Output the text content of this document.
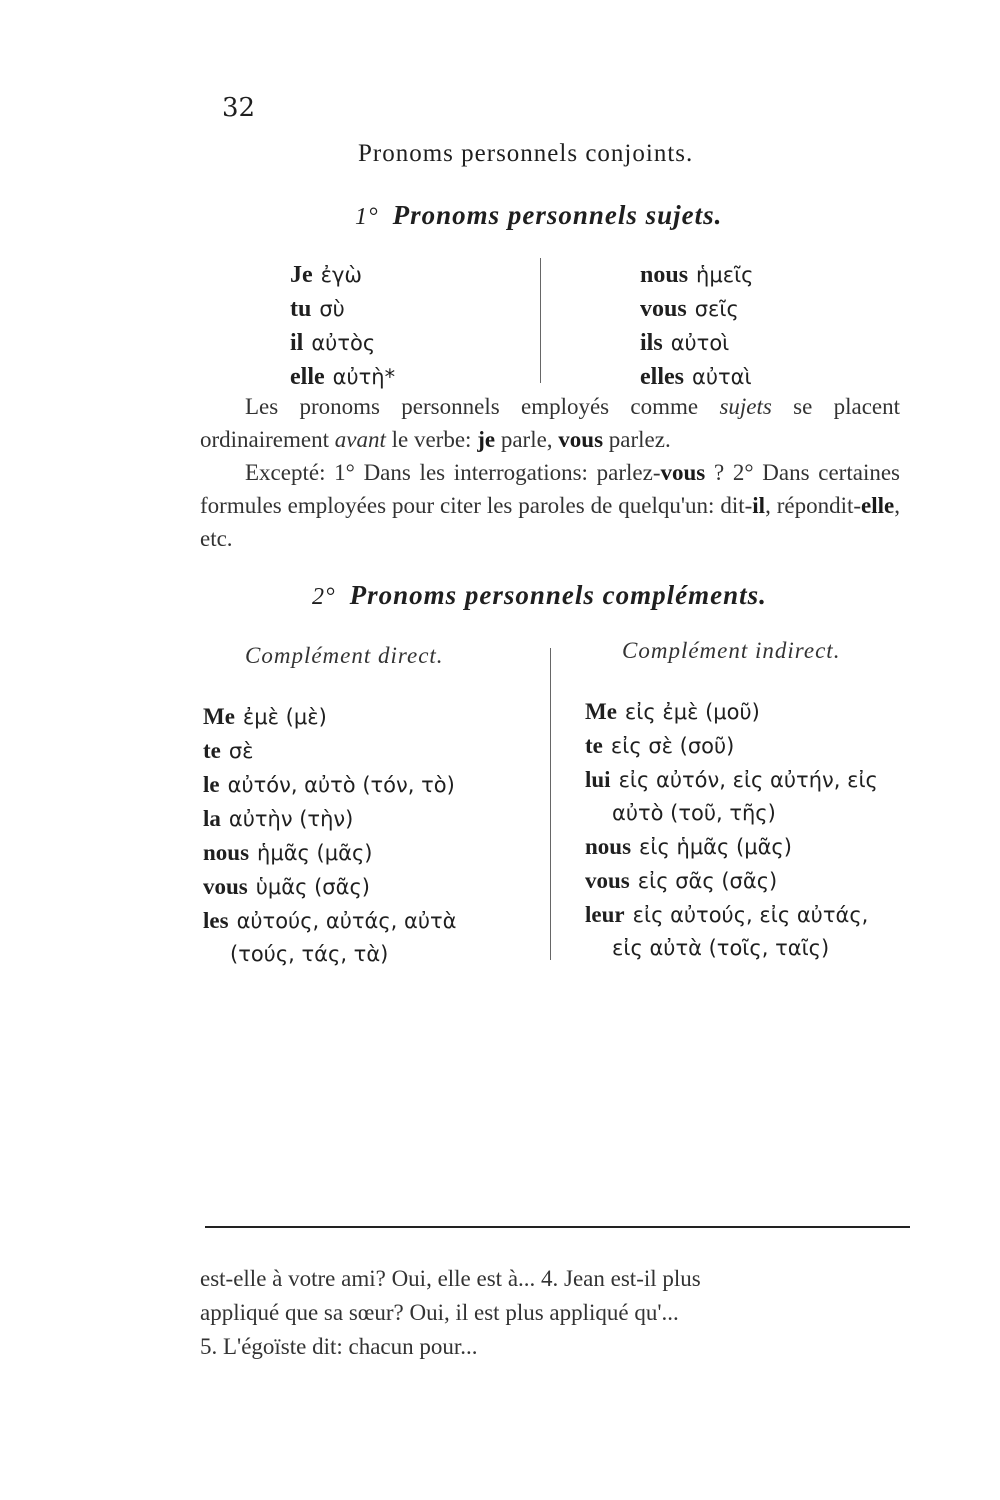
32
Pronoms personnels conjoints.
1° Pronoms personnels sujets.
Je ἐγὼ
tu σὺ
il αὐτὸς
elle αὐτὴ*
nous ἡμεῖς
vous σεῖς
ils αὐτοὶ
elles αὐταὶ

Les pronoms personnels employés comme sujets se placent ordinairement avant le verbe: je parle, vous parlez.

Excepté: 1° Dans les interrogations: parlez-vous ? 2° Dans certaines formules employées pour citer les paroles de quelqu'un: dit-il, répondit-elle, etc.

2° Pronoms personnels compléments.
Complément direct.	Complément indirect.
Me ἐμὲ (μὲ)
te σὲ
le αὐτόν, αὐτὸ (τόν, τὸ)
la αὐτὴν (τὴν)
nous ἡμᾶς (μᾶς)
vous ὑμᾶς (σᾶς)
les αὐτούς, αὐτάς, αὐτὰ
(τούς, τάς, τὰ)
Me εἰς ἐμὲ (μοῦ)
te εἰς σὲ (σοῦ)
lui εἰς αὐτόν, εἰς αὐτήν, εἰς
αὐτὸ (τοῦ, τῆς)
nous εἰς ἡμᾶς (μᾶς)
vous εἰς σᾶς (σᾶς)
leur εἰς αὐτούς, εἰς αὐτάς,
εἰς αὐτὰ (τοῖς, ταῖς)

est-elle à votre ami? Oui, elle est à... 4. Jean est-il plus

appliqué que sa sœur? Oui, il est plus appliqué qu'...

5. L'égoïste dit: chacun pour...
